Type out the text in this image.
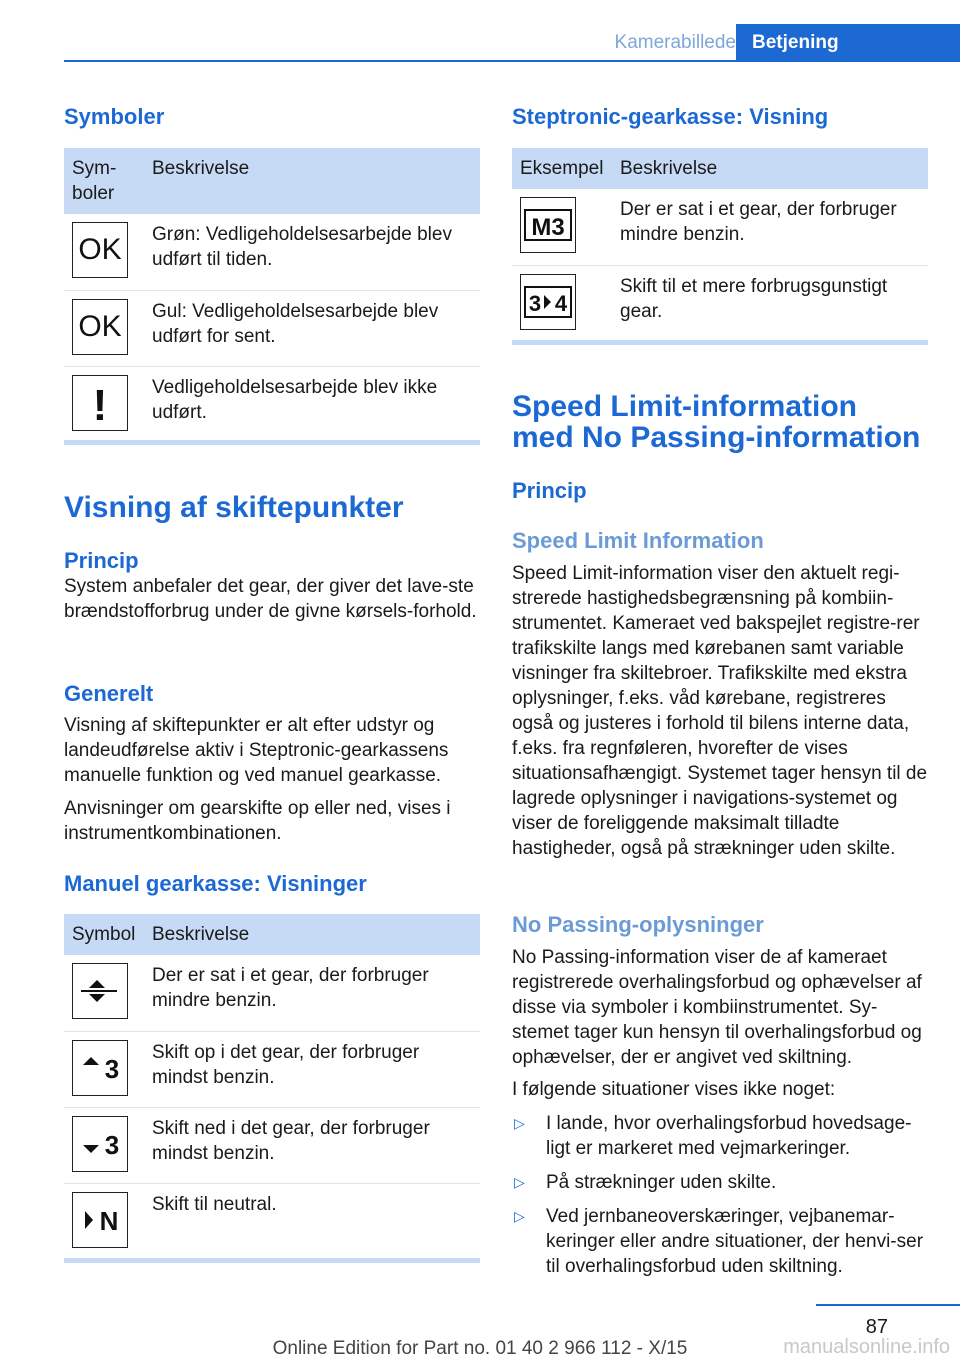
Kamerabillede Betjening
Symboler
Sym-
boler	Beskrivelse

OK	Grøn: Vedligeholdelsesarbejde blev udført til tiden.

OK	Gul: Vedligeholdelsesarbejde blev udført for sent.

!	Vedligeholdelsesarbejde blev ikke udført.
Visning af skiftepunkter
Princip
System anbefaler det gear, der giver det lave-ste brændstofforbrug under de givne kørsels-forhold.
Generelt
Visning af skiftepunkter er alt efter udstyr og landeudførelse aktiv i Steptronic-gearkassens manuelle funktion og ved manuel gearkasse.
Anvisninger om gearskifte op eller ned, vises i instrumentkombinationen.
Manuel gearkasse: Visninger
Symbol	Beskrivelse

	Der er sat i et gear, der forbruger mindre benzin.

3	Skift op i det gear, der forbruger mindst benzin.

3	Skift ned i det gear, der forbruger mindst benzin.

N	Skift til neutral.
Steptronic-gearkasse: Visning
Eksempel	Beskrivelse

M3	Der er sat i et gear, der forbruger mindre benzin.

3 4	Skift til et mere forbrugsgunstigt gear.
Speed Limit-information
med No Passing-information
Princip
Speed Limit Information
Speed Limit-information viser den aktuelt regi-strerede hastighedsbegrænsning på kombiin-strumentet. Kameraet ved bakspejlet registre-rer trafikskilte langs med kørebanen samt variable visninger fra skiltebroer. Trafikskilte med ekstra oplysninger, f.eks. våd kørebane, registreres også og justeres i forhold til bilens interne data, f.eks. fra regnføleren, hvorefter de vises situationsafhængigt. Systemet tager hensyn til de lagrede oplysninger i navigations-systemet og viser de foreliggende maksimalt tilladte hastigheder, også på strækninger uden skilte.
No Passing-oplysninger
No Passing-information viser de af kameraet registrerede overhalingsforbud og ophævelser af disse via symboler i kombiinstrumentet. Sy-stemet tager kun hensyn til overhalingsforbud og ophævelser, der er angivet ved skiltning.
I følgende situationer vises ikke noget:
▷ I lande, hvor overhalingsforbud hovedsage-ligt er markeret med vejmarkeringer.
▷ På strækninger uden skilte.
▷ Ved jernbaneoverskæringer, vejbanemar-keringer eller andre situationer, der henvi-ser til overhalingsforbud uden skiltning.
87
Online Edition for Part no. 01 40 2 966 112 - X/15	manualsonline.info
